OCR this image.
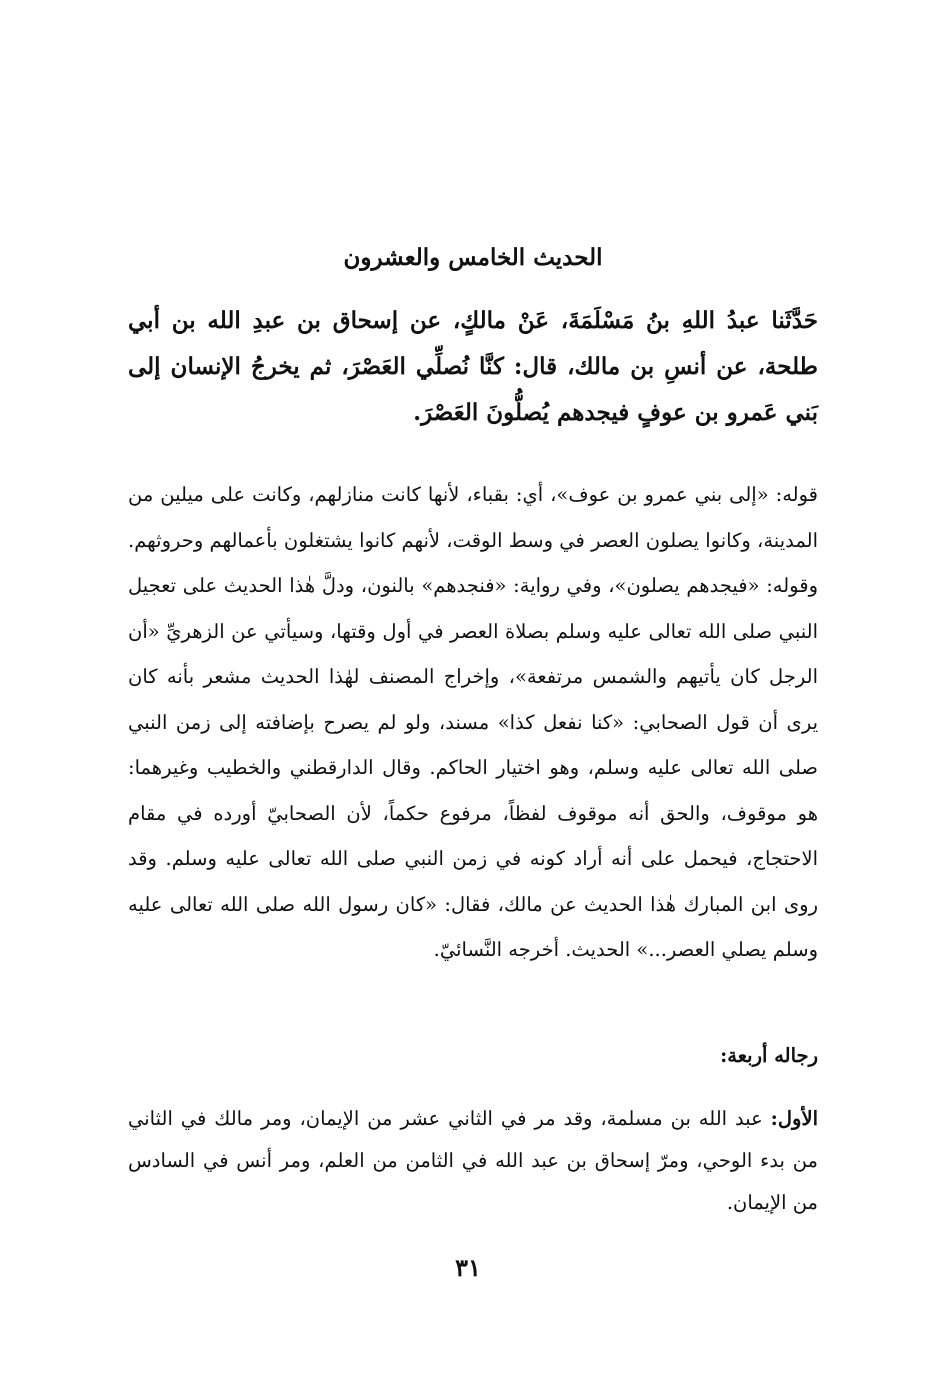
الحديث الخامس والعشرون
حَدَّثَنا عبدُ اللهِ بنُ مَسْلَمَةَ، عَنْ مالكٍ، عن إسحاق بن عبدِ الله بن أبي طلحة، عن أنسِ بن مالك، قال: كنَّا نُصلِّي العَصْرَ، ثم يخرجُ الإنسان إلى بَني عَمرو بن عوفٍ فيجدهم يُصلُّونَ العَصْرَ.
قوله: «إلى بني عمرو بن عوف»، أي: بقباء، لأنها كانت منازلهم، وكانت على ميلين من المدينة، وكانوا يصلون العصر في وسط الوقت، لأنهم كانوا يشتغلون بأعمالهم وحروثهم. وقوله: «فيجدهم يصلون»، وفي رواية: «فنجدهم» بالنون، ودلَّ هٰذا الحديث على تعجيل النبي صلى الله تعالى عليه وسلم بصلاة العصر في أول وقتها، وسيأتي عن الزهريِّ «أن الرجل كان يأتيهم والشمس مرتفعة»، وإخراج المصنف لهٰذا الحديث مشعر بأنه كان يرى أن قول الصحابي: «كنا نفعل كذا» مسند، ولو لم يصرح بإضافته إلى زمن النبي صلى الله تعالى عليه وسلم، وهو اختيار الحاكم. وقال الدارقطني والخطيب وغيرهما: هو موقوف، والحق أنه موقوف لفظاً، مرفوع حكماً، لأن الصحابيّ أورده في مقام الاحتجاج، فيحمل على أنه أراد كونه في زمن النبي صلى الله تعالى عليه وسلم. وقد روى ابن المبارك هٰذا الحديث عن مالك، فقال: «كان رسول الله صلى الله تعالى عليه وسلم يصلي العصر...» الحديث. أخرجه النَّسائيّ.
رجاله أربعة:
الأول: عبد الله بن مسلمة، وقد مر في الثاني عشر من الإيمان، ومر مالك في الثاني من بدء الوحي، ومرّ إسحاق بن عبد الله في الثامن من العلم، ومر أنس في السادس من الإيمان.
٣١
